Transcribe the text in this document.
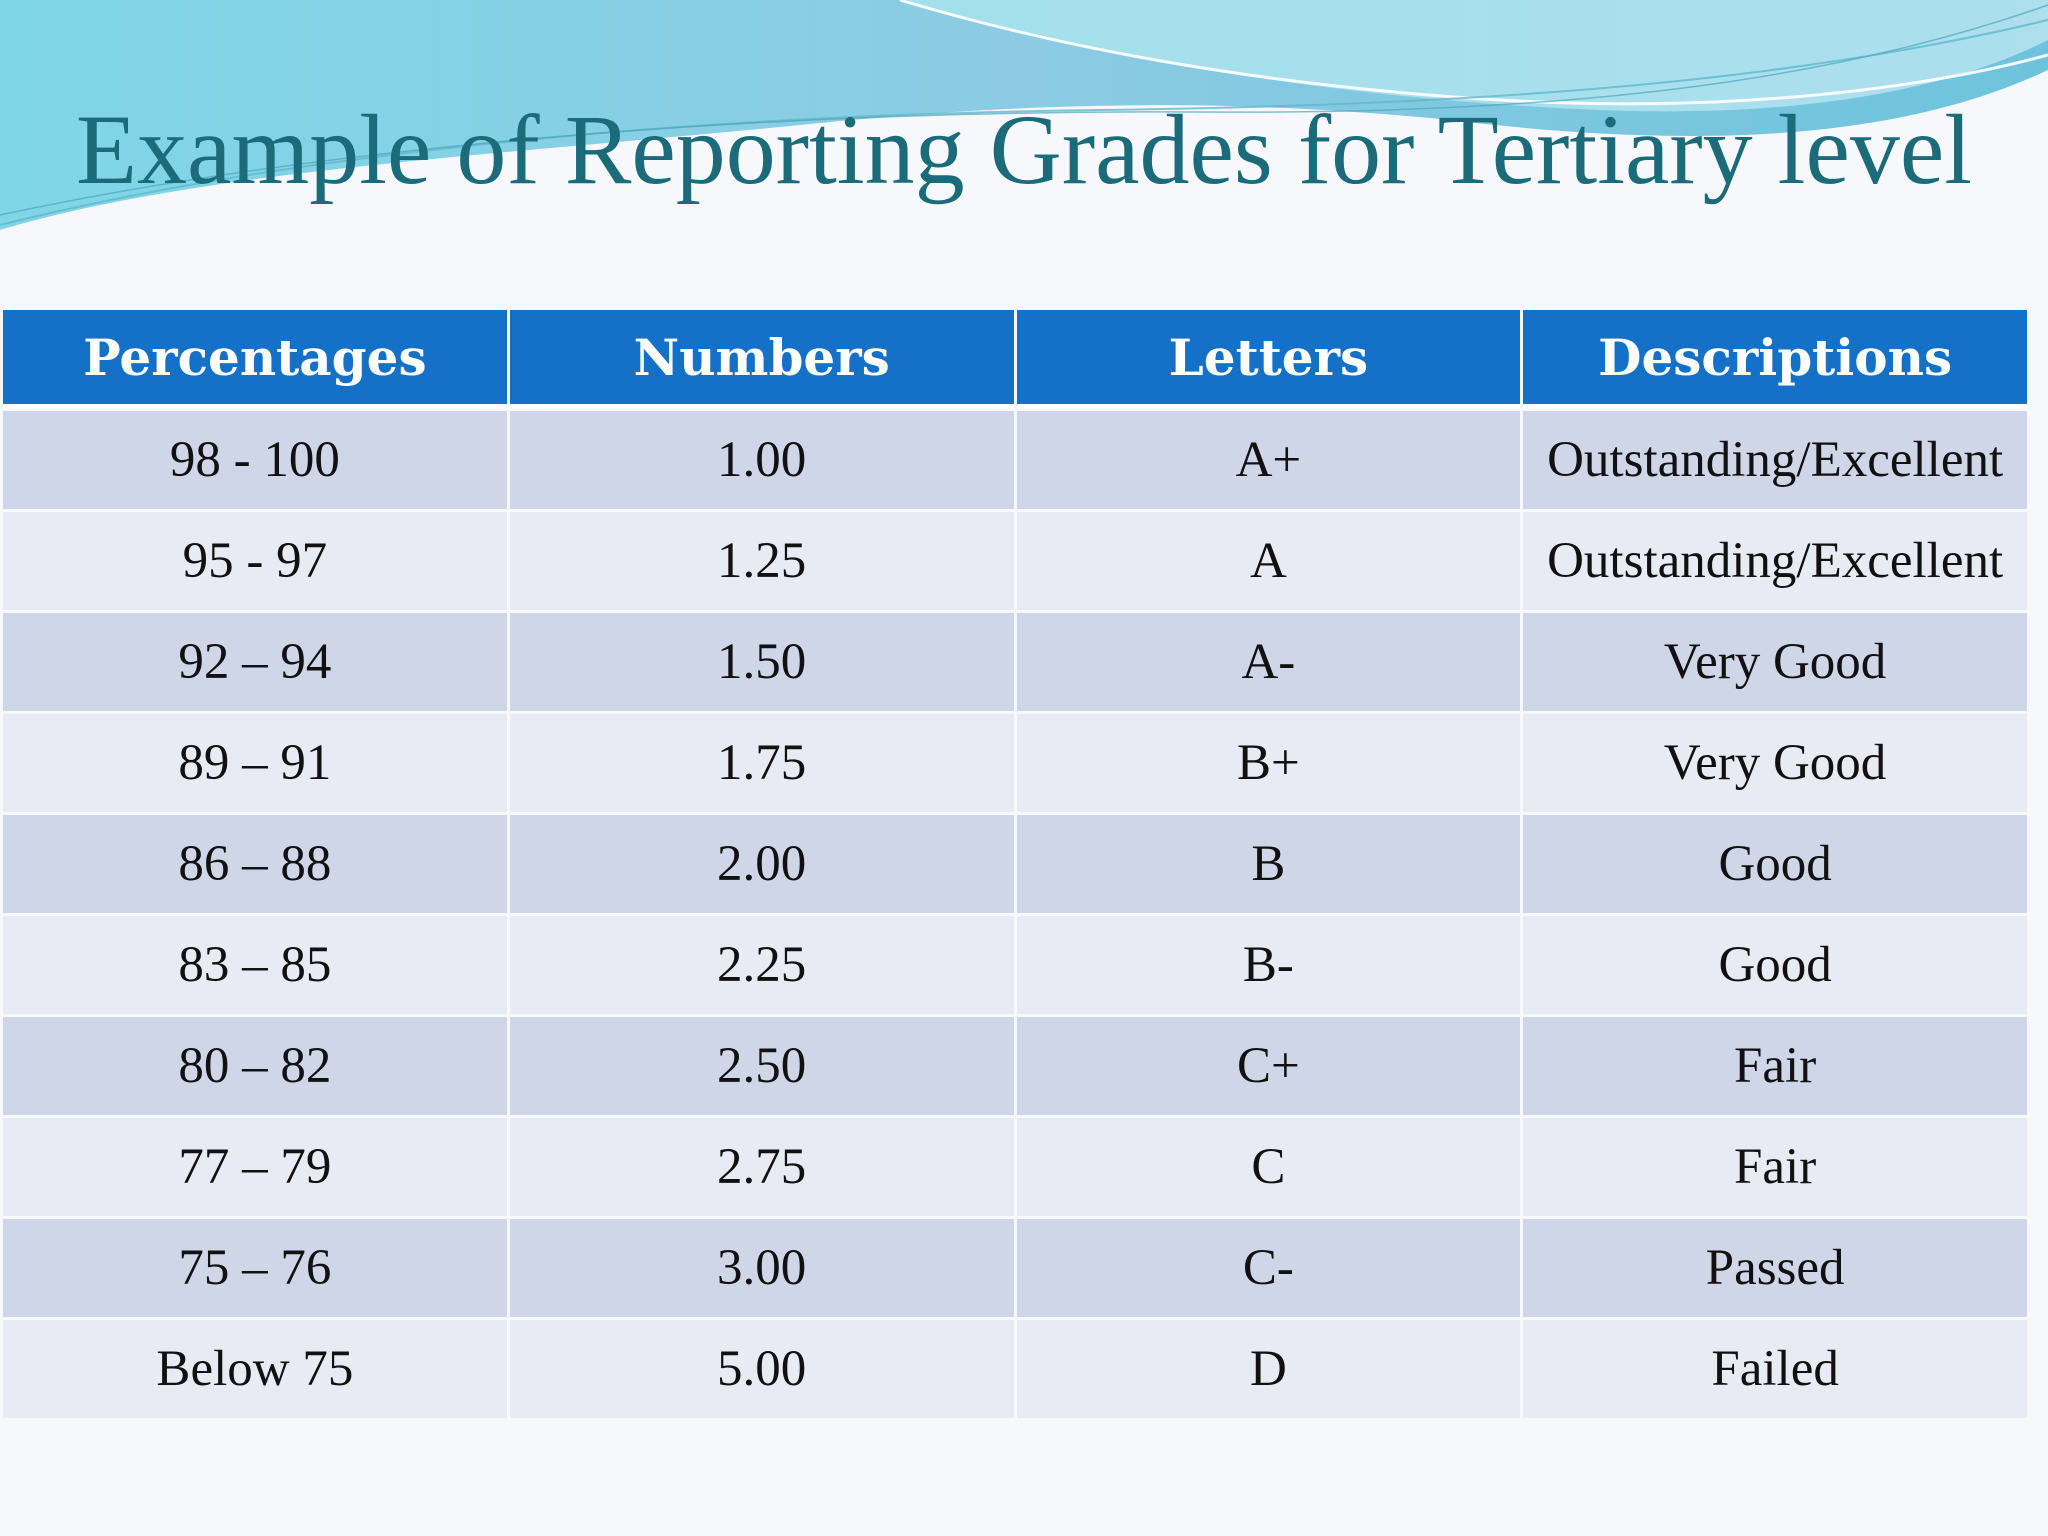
Example of Reporting Grades for Tertiary level
Percentages	Numbers	Letters	Descriptions
98 - 100	1.00	A+	Outstanding/Excellent
95 - 97	1.25	A	Outstanding/Excellent
92 – 94	1.50	A-	Very Good
89 – 91	1.75	B+	Very Good
86 – 88	2.00	B	Good
83 – 85	2.25	B-	Good
80 – 82	2.50	C+	Fair
77 – 79	2.75	C	Fair
75 – 76	3.00	C-	Passed
Below 75	5.00	D	Failed
